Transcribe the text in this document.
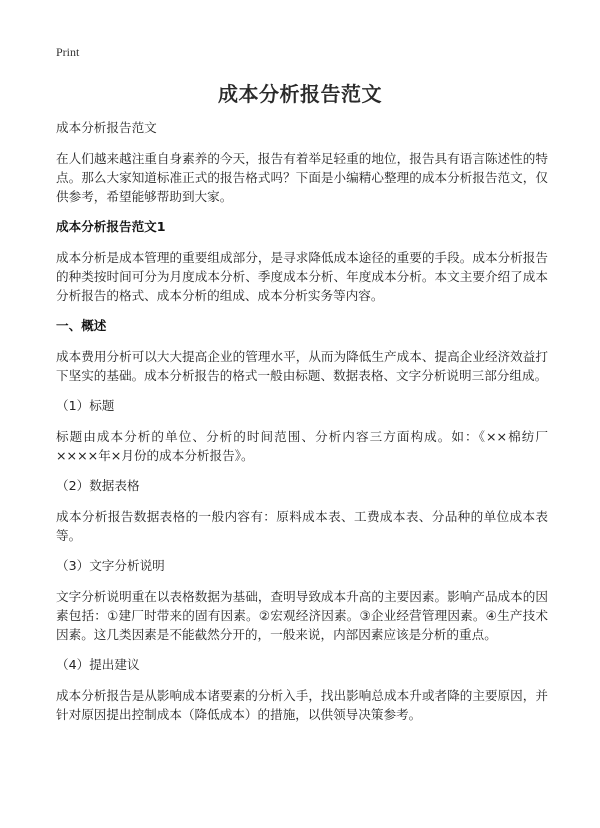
Print
成本分析报告范文

成本分析报告范文

在人们越来越注重自身素养的今天，报告有着举足轻重的地位，报告具有语言陈述性的特点。那么大家知道标准正式的报告格式吗？下面是小编精心整理的成本分析报告范文，仅供参考，希望能够帮助到大家。

成本分析报告范文1

成本分析是成本管理的重要组成部分，是寻求降低成本途径的重要的手段。成本分析报告的种类按时间可分为月度成本分析、季度成本分析、年度成本分析。本文主要介绍了成本分析报告的格式、成本分析的组成、成本分析实务等内容。

一、概述

成本费用分析可以大大提高企业的管理水平，从而为降低生产成本、提高企业经济效益打下坚实的基础。成本分析报告的格式一般由标题、数据表格、文字分析说明三部分组成。

（1）标题

标题由成本分析的单位、分析的时间范围、分析内容三方面构成。如：《××棉纺厂××××年×月份的成本分析报告》。

（2）数据表格

成本分析报告数据表格的一般内容有：原料成本表、工费成本表、分品种的单位成本表等。

（3）文字分析说明

文字分析说明重在以表格数据为基础，查明导致成本升高的主要因素。影响产品成本的因素包括：①建厂时带来的固有因素。②宏观经济因素。③企业经营管理因素。④生产技术因素。这几类因素是不能截然分开的，一般来说，内部因素应该是分析的重点。

（4）提出建议

成本分析报告是从影响成本诸要素的分析入手，找出影响总成本升或者降的主要原因，并针对原因提出控制成本（降低成本）的措施，以供领导决策参考。
